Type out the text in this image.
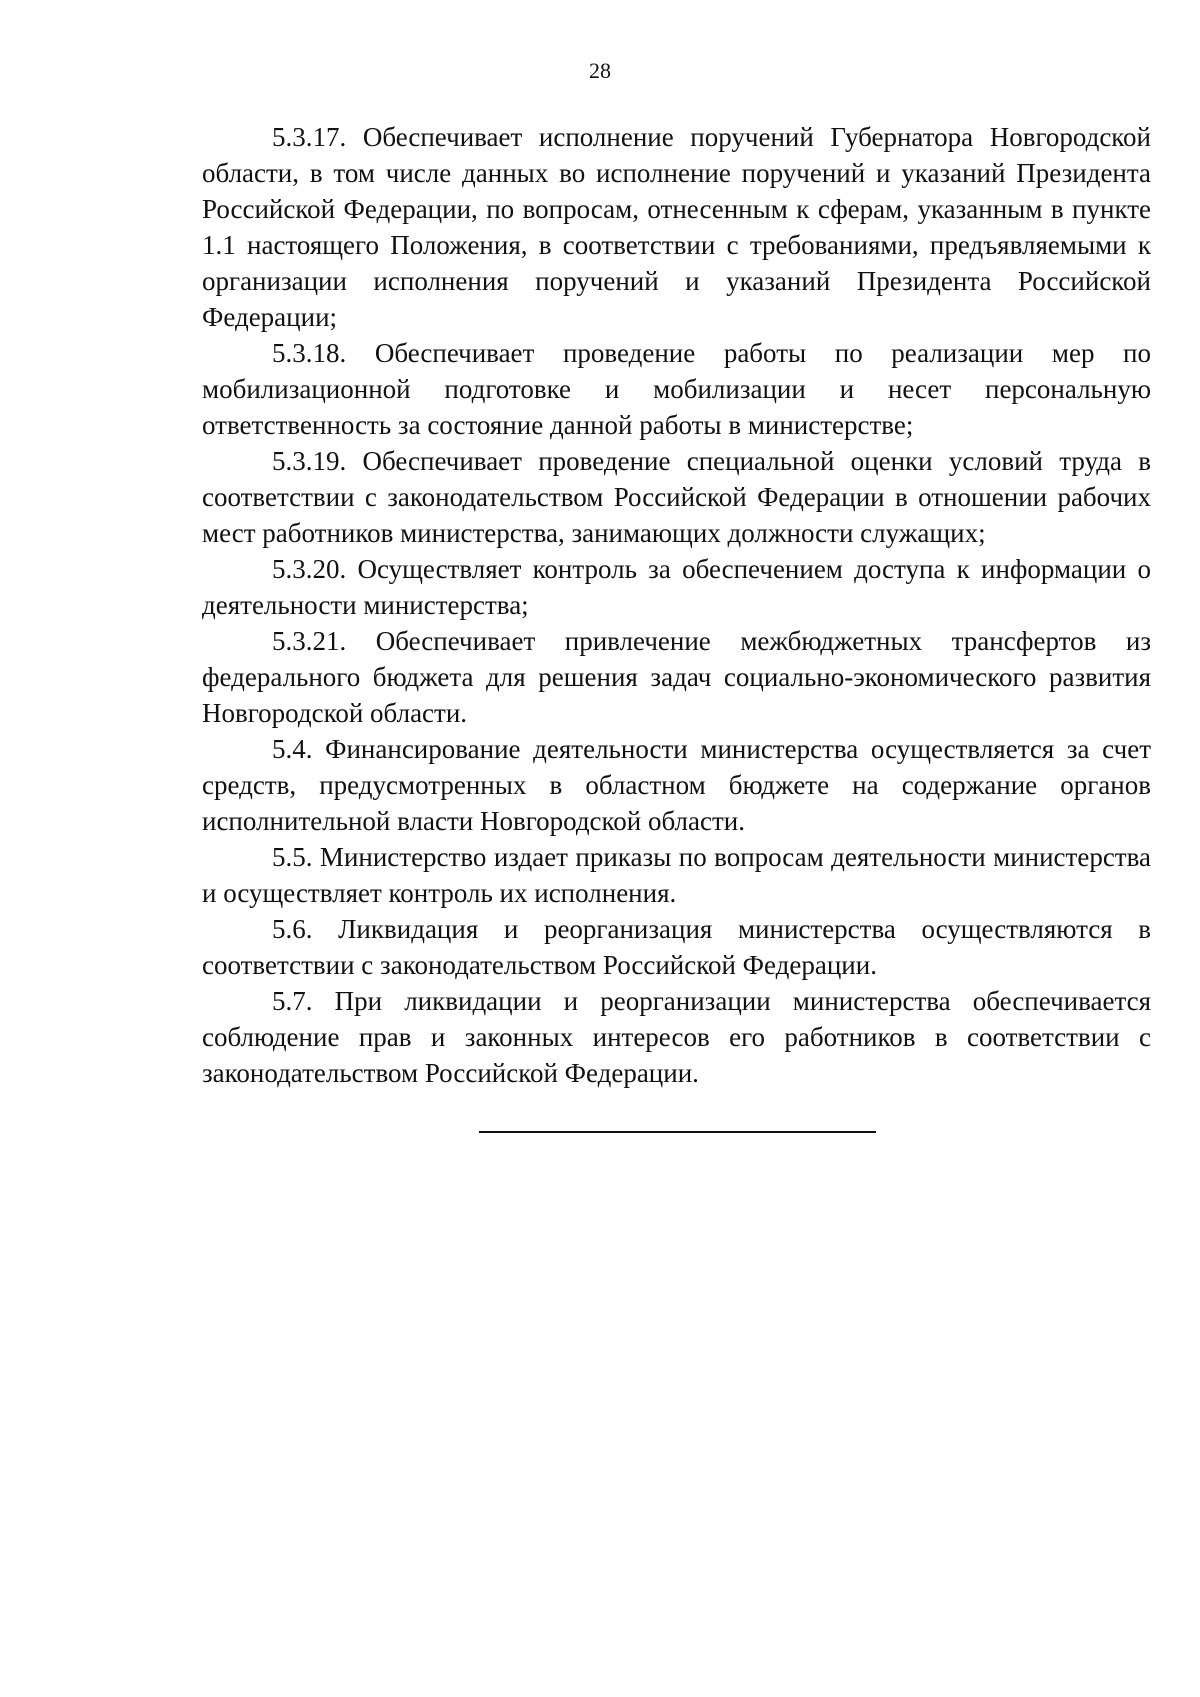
28

5.3.17. Обеспечивает исполнение поручений Губернатора Новгородской области, в том числе данных во исполнение поручений и указаний Президента Российской Федерации, по вопросам, отнесенным к сферам, указанным в пункте 1.1 настоящего Положения, в соответствии с требованиями, предъявляемыми к организации исполнения поручений и указаний Президента Российской Федерации;

5.3.18. Обеспечивает проведение работы по реализации мер по мобилизационной подготовке и мобилизации и несет персональную ответственность за состояние данной работы в министерстве;

5.3.19. Обеспечивает проведение специальной оценки условий труда в соответствии с законодательством Российской Федерации в отношении рабочих мест работников министерства, занимающих должности служащих;

5.3.20. Осуществляет контроль за обеспечением доступа к информации о деятельности министерства;

5.3.21. Обеспечивает привлечение межбюджетных трансфертов из федерального бюджета для решения задач социально-экономического развития Новгородской области.

5.4. Финансирование деятельности министерства осуществляется за счет средств, предусмотренных в областном бюджете на содержание органов исполнительной власти Новгородской области.

5.5. Министерство издает приказы по вопросам деятельности министерства и осуществляет контроль их исполнения.

5.6. Ликвидация и реорганизация министерства осуществляются в соответствии с законодательством Российской Федерации.

5.7. При ликвидации и реорганизации министерства обеспечивается соблюдение прав и законных интересов его работников в соответствии с законодательством Российской Федерации.
